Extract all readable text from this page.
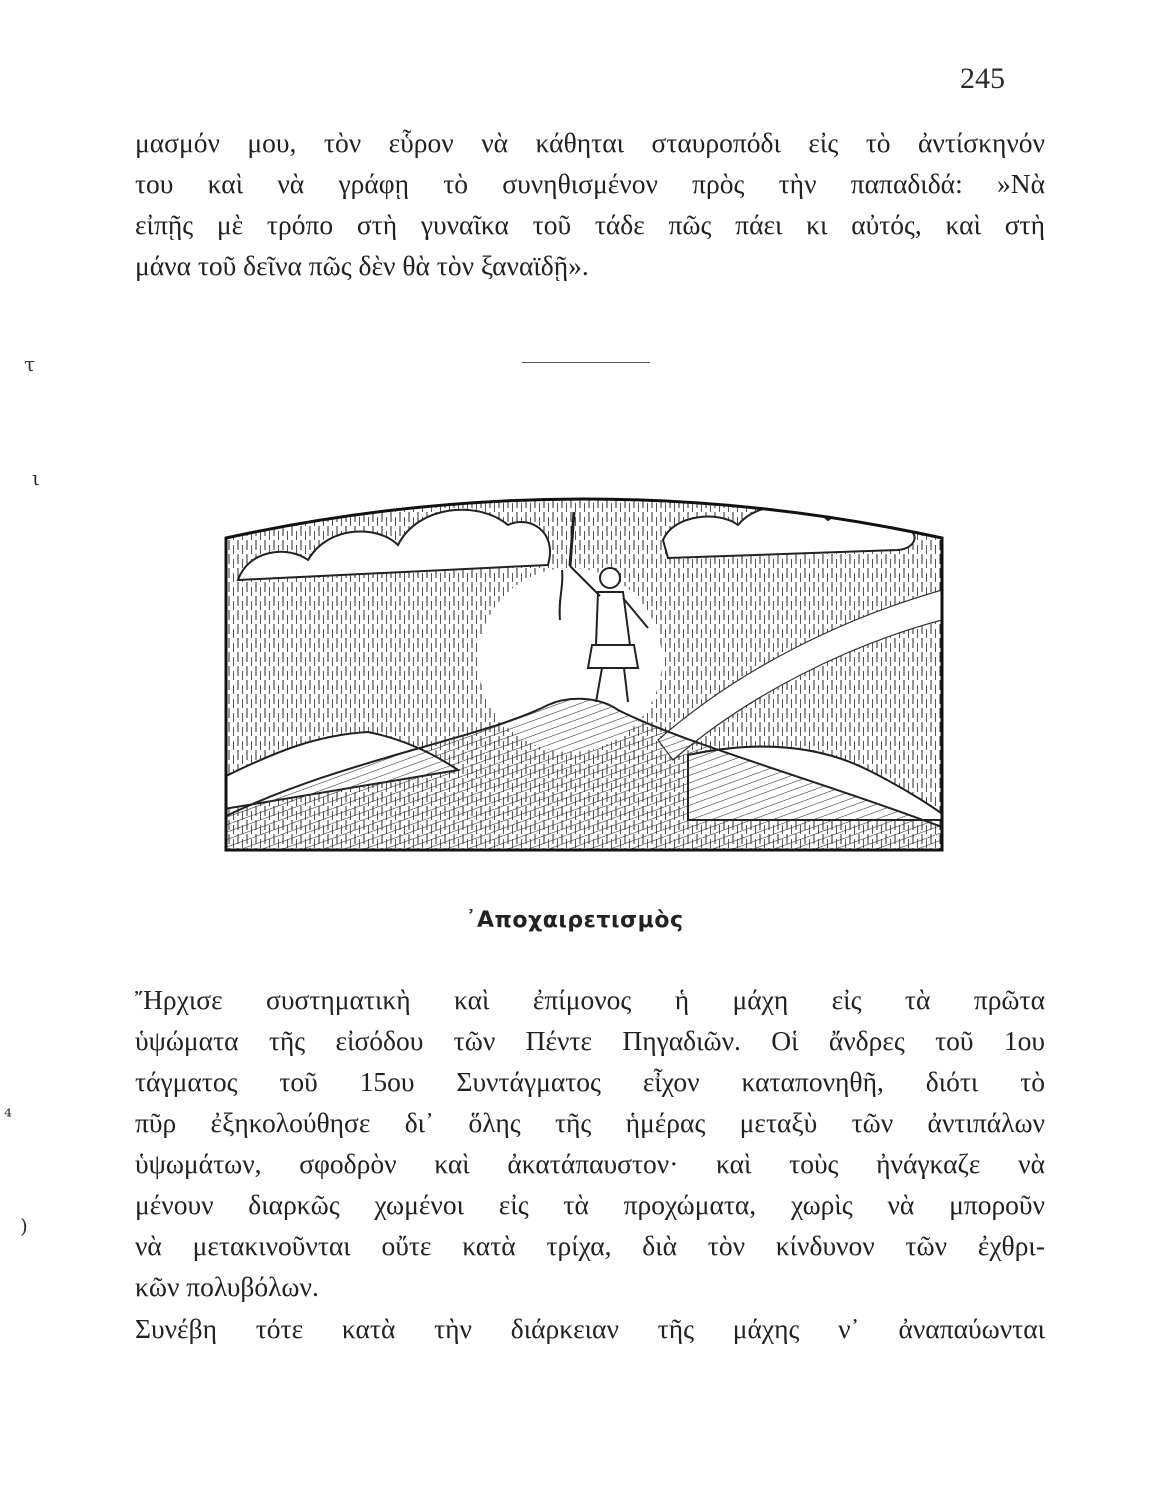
245

μασμόν μου, τὸν εὗρον νὰ κάθηται σταυροπόδι εἰς τὸ ἀντίσκηνόν
του καὶ νὰ γράφῃ τὸ συνηθισμένον πρὸς τὴν παπαδιδά: »Νὰ
εἰπῇς μὲ τρόπο στὴ γυναῖκα τοῦ τάδε πῶς πάει κι αὐτός, καὶ στὴ
μάνα τοῦ δεῖνα πῶς δὲν θὰ τὸν ξαναϊδῇ».

τ
ι
⁴
)
᾿Αποχαιρετισμὸς

Ἤρχισε συστηματικὴ καὶ ἐπίμονος ἡ μάχη εἰς τὰ πρῶτα
ὑψώματα τῆς εἰσόδου τῶν Πέντε Πηγαδιῶν. Οἱ ἄνδρες τοῦ 1ου
τάγματος τοῦ 15ου Συντάγματος εἶχον καταπονηθῆ, διότι τὸ
πῦρ ἐξηκολούθησε δι᾿ ὅλης τῆς ἡμέρας μεταξὺ τῶν ἀντιπάλων
ὑψωμάτων, σφοδρὸν καὶ ἀκατάπαυστον· καὶ τοὺς ἠνάγκαζε νὰ
μένουν διαρκῶς χωμένοι εἰς τὰ προχώματα, χωρὶς νὰ μποροῦν
νὰ μετακινοῦνται οὔτε κατὰ τρίχα, διὰ τὸν κίνδυνον τῶν ἐχθρι-
κῶν πολυβόλων.

Συνέβη τότε κατὰ τὴν διάρκειαν τῆς μάχης ν᾿ ἀναπαύωνται
